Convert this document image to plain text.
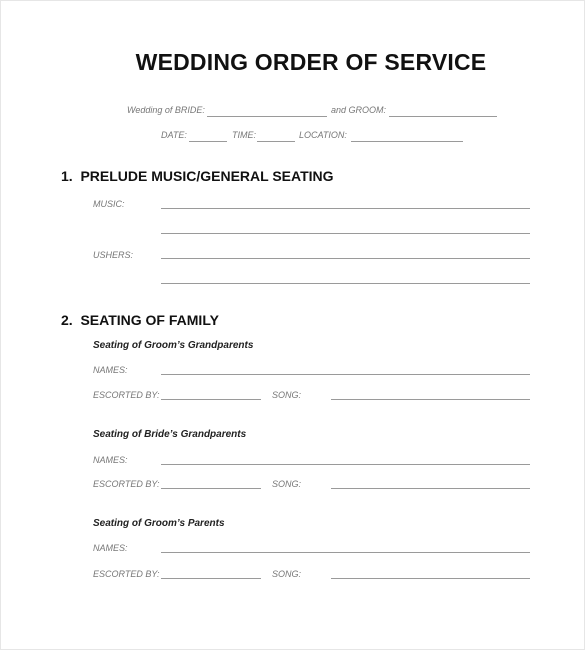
WEDDING ORDER OF SERVICE
Wedding of BRIDE:	and GROOM:
DATE:	TIME:	LOCATION:
1. PRELUDE MUSIC/GENERAL SEATING
MUSIC:
USHERS:
2. SEATING OF FAMILY
Seating of Groom’s Grandparents
NAMES:
ESCORTED BY:	SONG:
Seating of Bride’s Grandparents
NAMES:
ESCORTED BY:	SONG:
Seating of Groom’s Parents
NAMES:
ESCORTED BY:	SONG:
